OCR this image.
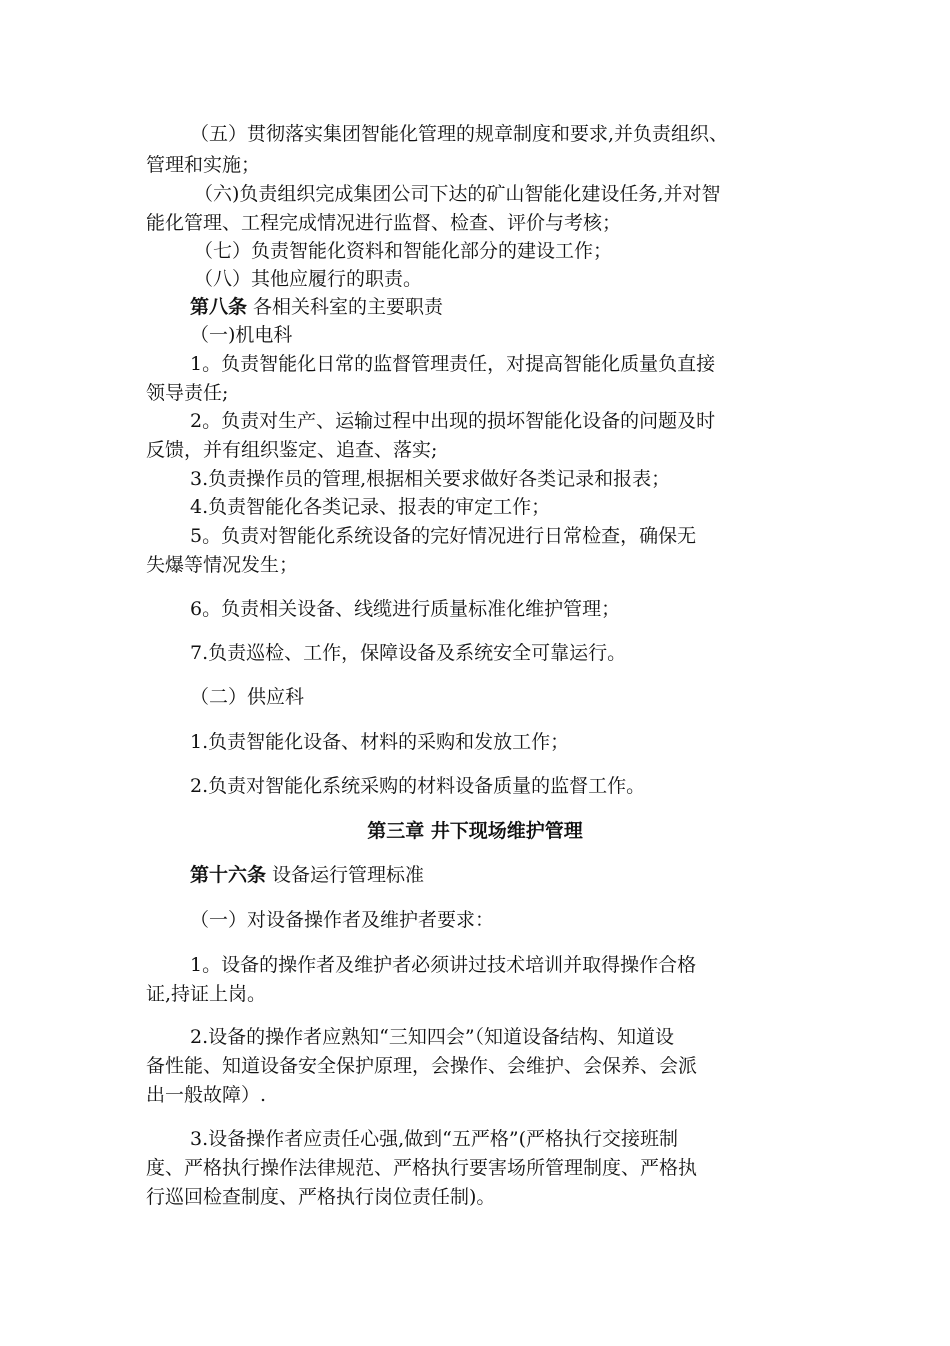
（五）贯彻落实集团智能化管理的规章制度和要求,并负责组织、

管理和实施；

（六)负责组织完成集团公司下达的矿山智能化建设任务,并对智

能化管理、工程完成情况进行监督、检查、评价与考核；

（七）负责智能化资料和智能化部分的建设工作；

（八）其他应履行的职责。

第八条 各相关科室的主要职责

（一)机电科

1。负责智能化日常的监督管理责任，对提高智能化质量负直接

领导责任;

2。负责对生产、运输过程中出现的损坏智能化设备的问题及时

反馈，并有组织鉴定、追查、落实;

3.负责操作员的管理,根据相关要求做好各类记录和报表；

4.负责智能化各类记录、报表的审定工作；

5。负责对智能化系统设备的完好情况进行日常检查，确保无

失爆等情况发生；

6。负责相关设备、线缆进行质量标准化维护管理；

7.负责巡检、工作，保障设备及系统安全可靠运行。

（二）供应科

1.负责智能化设备、材料的采购和发放工作；

2.负责对智能化系统采购的材料设备质量的监督工作。

第三章 井下现场维护管理

第十六条 设备运行管理标准

（一）对设备操作者及维护者要求：

1。设备的操作者及维护者必须讲过技术培训并取得操作合格

证,持证上岗。

2.设备的操作者应熟知“三知四会”（知道设备结构、知道设

备性能、知道设备安全保护原理，会操作、会维护、会保养、会派

出一般故障）.

3.设备操作者应责任心强,做到“五严格”(严格执行交接班制

度、严格执行操作法律规范、严格执行要害场所管理制度、严格执

行巡回检查制度、严格执行岗位责任制)。
